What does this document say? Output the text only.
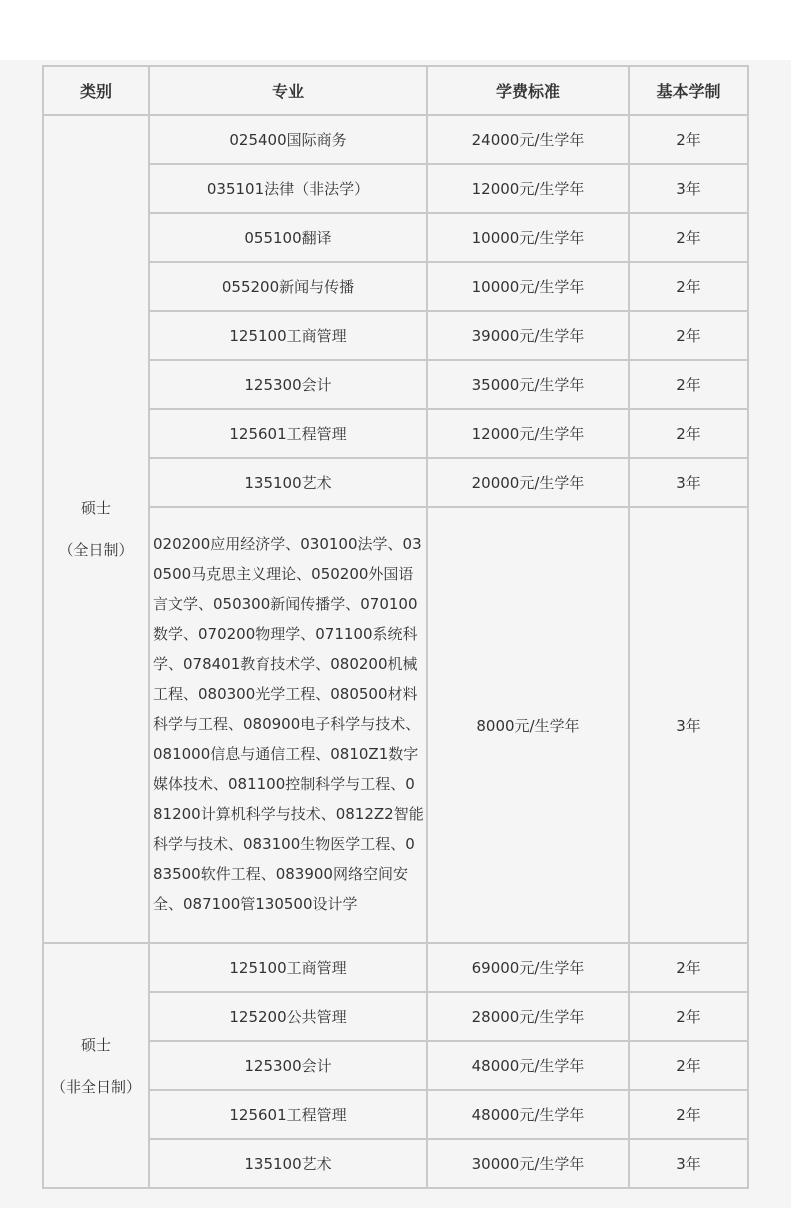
类别	专业	学费标准	基本学制

硕士
（全日制）	025400国际商务	24000元/生学年	2年
	035101法律（非法学）	12000元/生学年	3年
	055100翻译	10000元/生学年	2年
	055200新闻与传播	10000元/生学年	2年
	125100工商管理	39000元/生学年	2年
	125300会计	35000元/生学年	2年
	125601工程管理	12000元/生学年	2年
	135100艺术	20000元/生学年	3年
	020200应用经济学、030100法学、030500马克思主义理论、050200外国语言文学、050300新闻传播学、070100数学、070200物理学、071100系统科学、078401教育技术学、080200机械工程、080300光学工程、080500材料科学与工程、080900电子科学与技术、081000信息与通信工程、0810Z1数字媒体技术、081100控制科学与工程、081200计算机科学与技术、0812Z2智能科学与技术、083100生物医学工程、083500软件工程、083900网络空间安全、087100管130500设计学	8000元/生学年	3年

硕士
（非全日制）	125100工商管理	69000元/生学年	2年
	125200公共管理	28000元/生学年	2年
	125300会计	48000元/生学年	2年
	125601工程管理	48000元/生学年	2年
	135100艺术	30000元/生学年	3年
